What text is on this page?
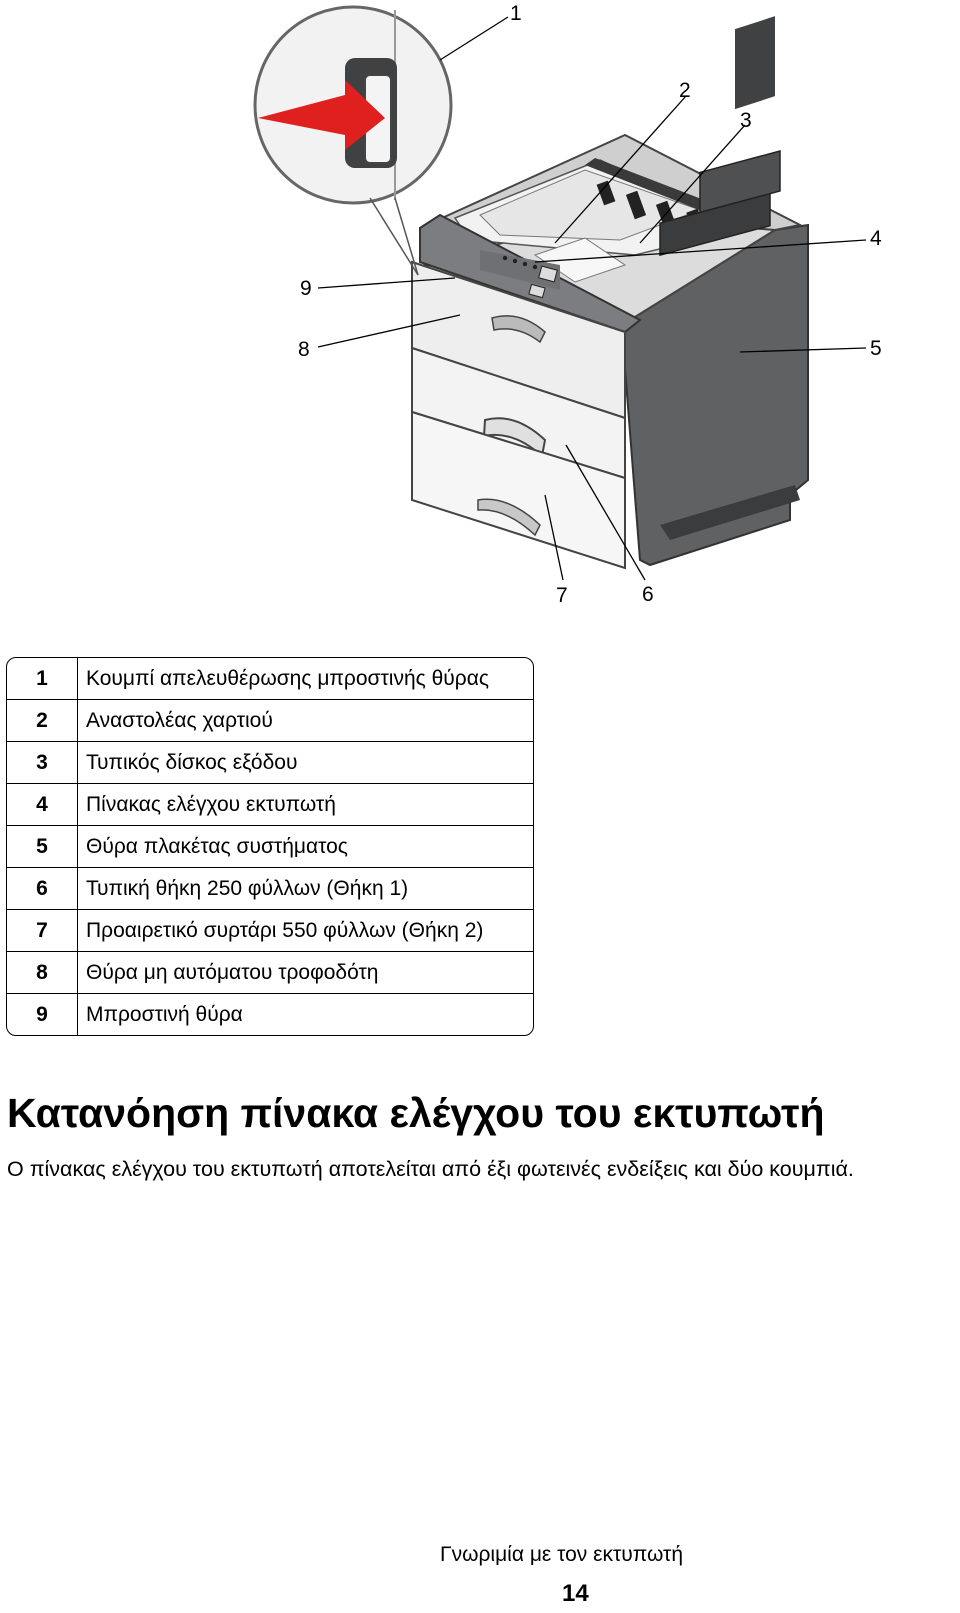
1
2
3
4
5
6
7
8
9
1	Κουμπί απελευθέρωσης μπροστινής θύρας
2	Αναστολέας χαρτιού
3	Τυπικός δίσκος εξόδου
4	Πίνακας ελέγχου εκτυπωτή
5	Θύρα πλακέτας συστήματος
6	Τυπική θήκη 250 φύλλων (Θήκη 1)
7	Προαιρετικό συρτάρι 550 φύλλων (Θήκη 2)
8	Θύρα μη αυτόματου τροφοδότη
9	Μπροστινή θύρα
Κατανόηση πίνακα ελέγχου του εκτυπωτή

Ο πίνακας ελέγχου του εκτυπωτή αποτελείται από έξι φωτεινές ενδείξεις και δύο κουμπιά.

Γνωριμία με τον εκτυπωτή
14
